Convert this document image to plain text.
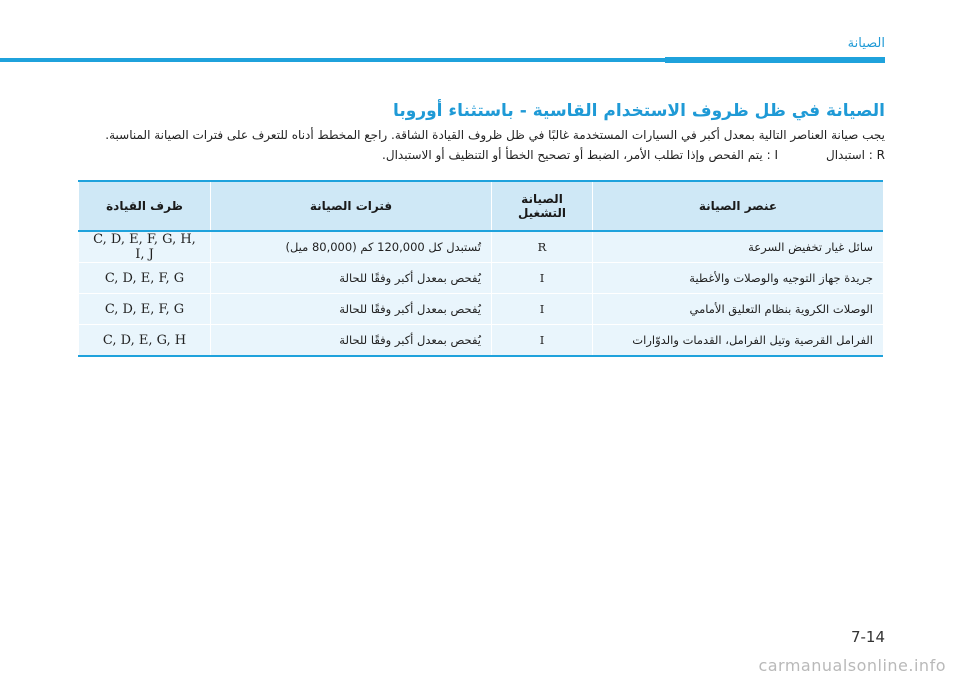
الصيانة
الصيانة في ظل ظروف الاستخدام القاسية - باستثناء أوروبا

يجب صيانة العناصر التالية بمعدل أكبر في السيارات المستخدمة غالبًا في ظل ظروف القيادة الشاقة. راجع المخطط أدناه للتعرف على فترات الصيانة المناسبة.

R : استبدال
I : يتم الفحص وإذا تطلب الأمر، الضبط أو تصحيح الخطأ أو التنظيف أو الاستبدال.
عنصر الصيانة	الصيانة التشغيل	فترات الصيانة	ظرف القيادة
سائل غيار تخفيض السرعة	R	تُستبدل كل 120,000 كم (80,000 ميل)	C, D, E, F, G, H, I, J
جريدة جهاز التوجيه والوصلات والأغطية	I	يُفحص بمعدل أكبر وفقًا للحالة	C, D, E, F, G
الوصلات الكروية بنظام التعليق الأمامي	I	يُفحص بمعدل أكبر وفقًا للحالة	C, D, E, F, G
الفرامل القرصية وتيل الفرامل، القدمات والدوّارات	I	يُفحص بمعدل أكبر وفقًا للحالة	C, D, E, G, H
7-14
carmanualsonline.info
